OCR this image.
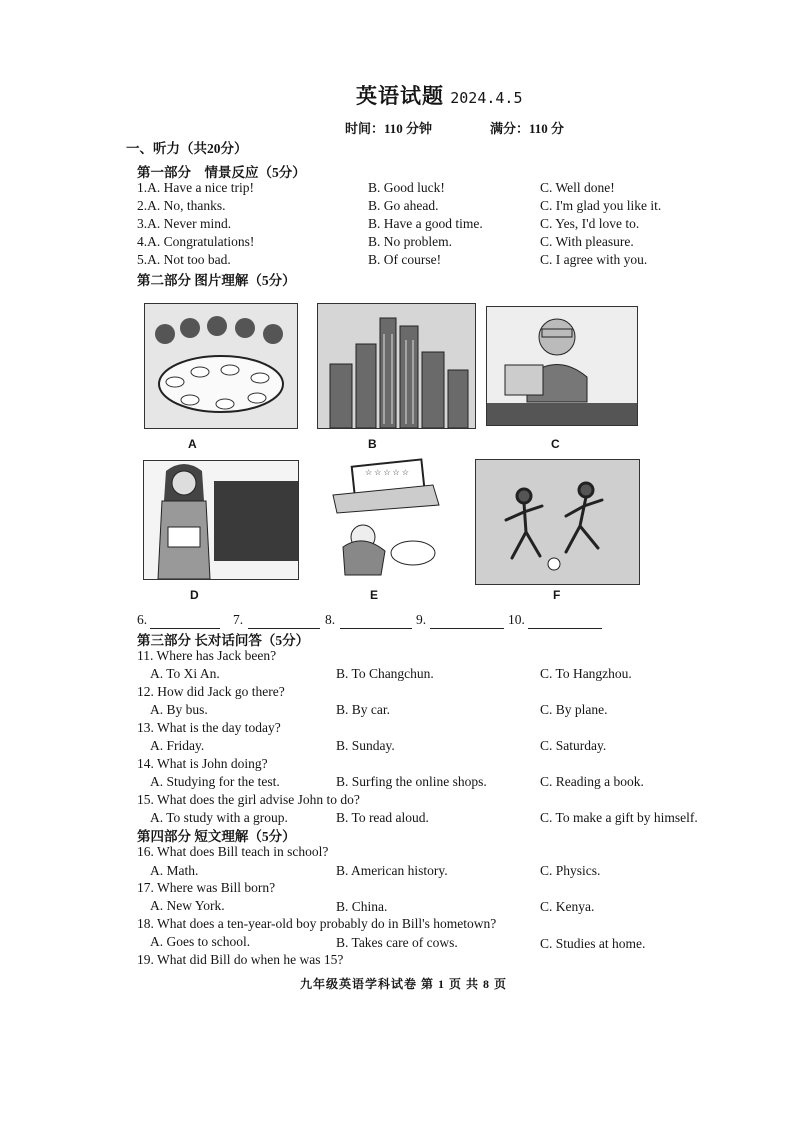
英语试题 2024.4.5
时间：110 分钟	满分：110 分
一、听力（共20分）
第一部分　情景反应（5分）
1.A. Have a nice trip!	B. Good luck!	C. Well done!
2.A. No, thanks.	B. Go ahead.	C. I'm glad you like it.
3.A. Never mind.	B. Have a good time.	C. Yes, I'd love to.
4.A. Congratulations!	B. No problem.	C. With pleasure.
5.A. Not too bad.	B. Of course!	C. I agree with you.
第二部分 图片理解（5分）
A	B	C
D
☆ ☆ ☆ ☆ ☆
E	F
6.	7.	8.	9.	10.
第三部分 长对话问答（5分）
11. Where has Jack been?
A. To Xi An.	B. To Changchun.	C. To Hangzhou.
12. How did Jack go there?
A. By bus.	B. By car.	C. By plane.
13. What is the day today?
A. Friday.	B. Sunday.	C. Saturday.
14. What is John doing?
A. Studying for the test.	B. Surfing the online shops.	C. Reading a book.
15. What does the girl advise John to do?
A. To study with a group.	B. To read aloud.	C. To make a gift by himself.
第四部分 短文理解（5分）
16. What does Bill teach in school?
A. Math.	B. American history.	C. Physics.
17. Where was Bill born?
A. New York.	B. China.	C. Kenya.
18. What does a ten-year-old boy probably do in Bill's hometown?
A. Goes to school.	B. Takes care of cows.	C. Studies at home.
19. What did Bill do when he was 15?
九年级英语学科试卷 第 1 页 共 8 页
